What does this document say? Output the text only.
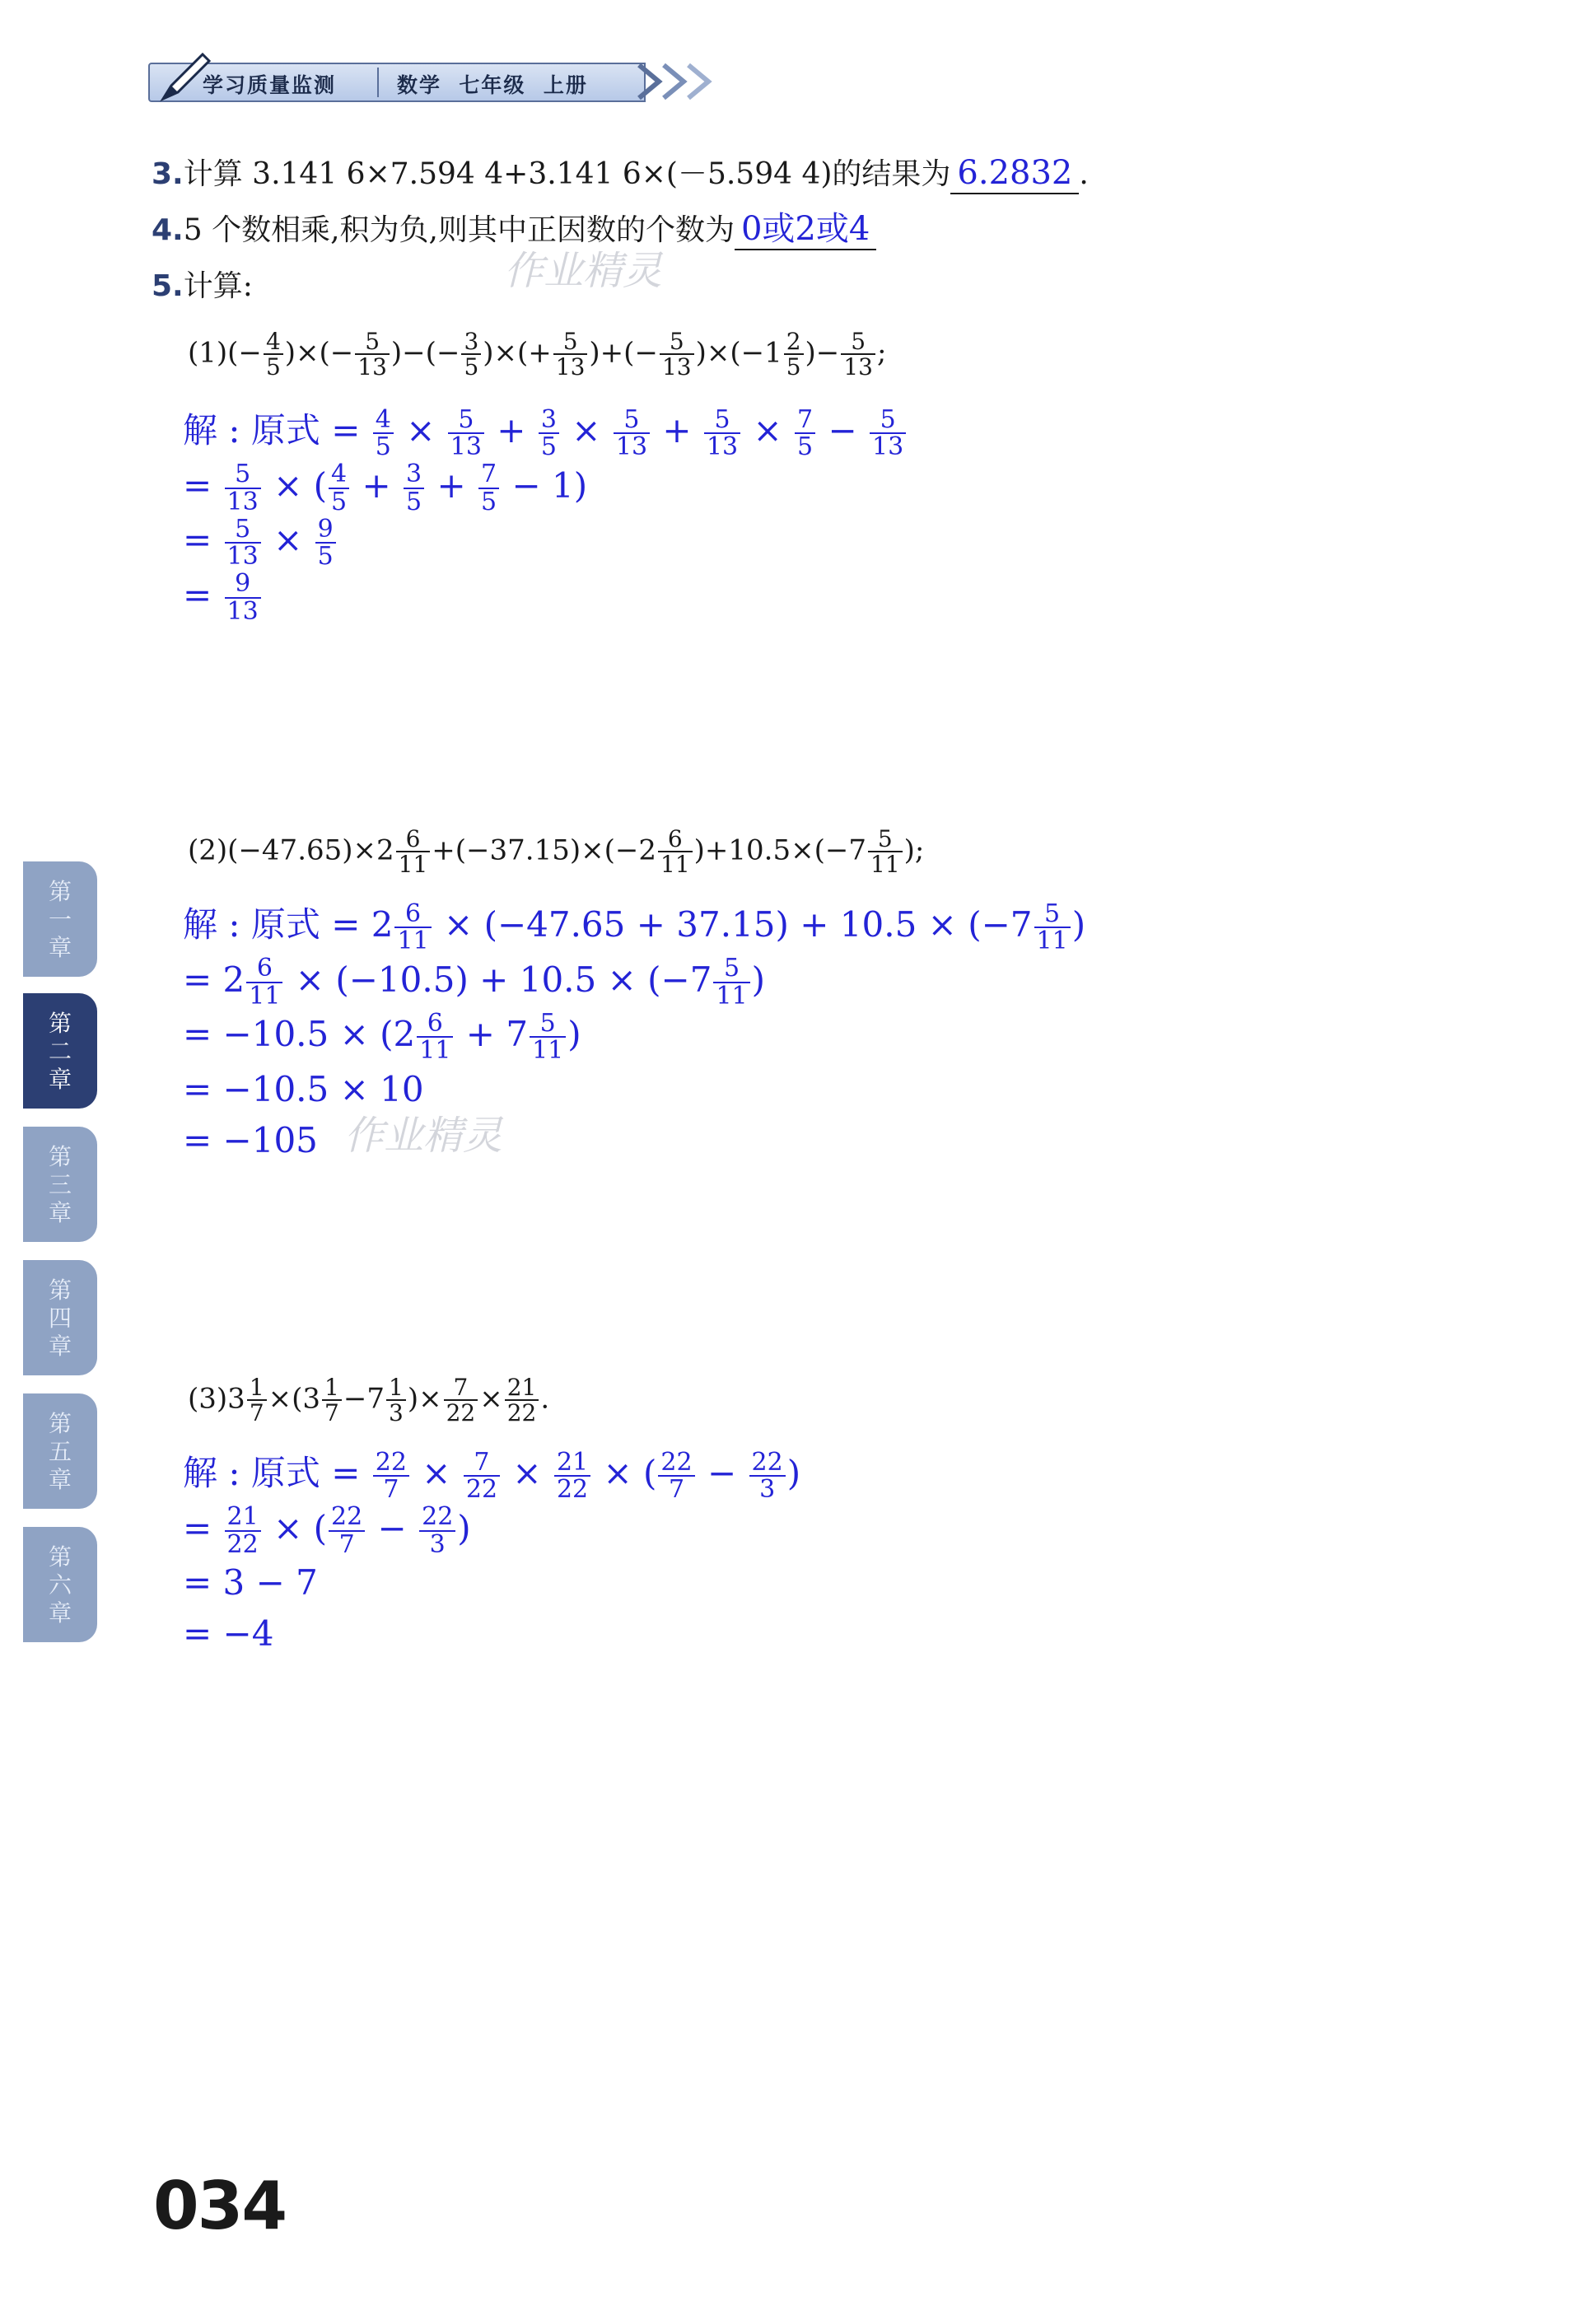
学习质量监测	数学  七年级  上册
3.计算 3.141 6×7.594 4+3.141 6×(－5.594 4)的结果为 6.2832 .
4.5 个数相乘,积为负,则其中正因数的个数为 0或2或4
作业精灵
5.计算:
$(1)(- \frac{4}{5}$ )×(− $\frac{5}{13}$ )−(− $\frac{3}{5}$ )×(+ $\frac{5}{13}$ )+(− $\frac{5}{13} )\times(-1 \frac{2}{5}$ )− $\frac{5}{13}$ ;
解 : 原式 = $\frac{4}{5} \times \frac{5}{13} + \frac{3}{5} \times \frac{5}{13} + \frac{5}{13} \times \frac{7}{5} - \frac{5}{13}$
= $\frac{5}{13}$ × ( $\frac{4}{5} + \frac{3}{5} + \frac{7}{5} - 1$)
= $\frac{5}{13} \times \frac{9}{5}$
= $\frac{9}{13}$
$(2)(-47.65)\times 2 \frac{6}{11} +(-37.15)\times(-2 \frac{6}{11} )+10.5\times(-7 \frac{5}{11}$ );
解 : 原式 = $2 \frac{6}{11} \times (-47.65 + 37.15) + 10.5 \times (-7 \frac{5}{11}$ )
= $2 \frac{6}{11} \times (-10.5) + 10.5 \times (-7 \frac{5}{11}$ )
= $-10.5 \times (2 \frac{6}{11} + 7 \frac{5}{11}$ )
= −10.5 × 10
= −105 作业精灵
$(3)3 \frac{1}{7} \times(3 \frac{1}{7} -7 \frac{1}{3}$ )× $\frac{7}{22} \times \frac{21}{22}$ .
解 : 原式 = $\frac{22}{7} \times \frac{7}{22} \times \frac{21}{22}$ × ( $\frac{22}{7} - \frac{22}{3}$ )
= $\frac{21}{22}$ × ( $\frac{22}{7} - \frac{22}{3}$ )
= 3 − 7
= −4
第
一
章
第
二
章
第
三
章
第
四
章
第
五
章
第
六
章
034
